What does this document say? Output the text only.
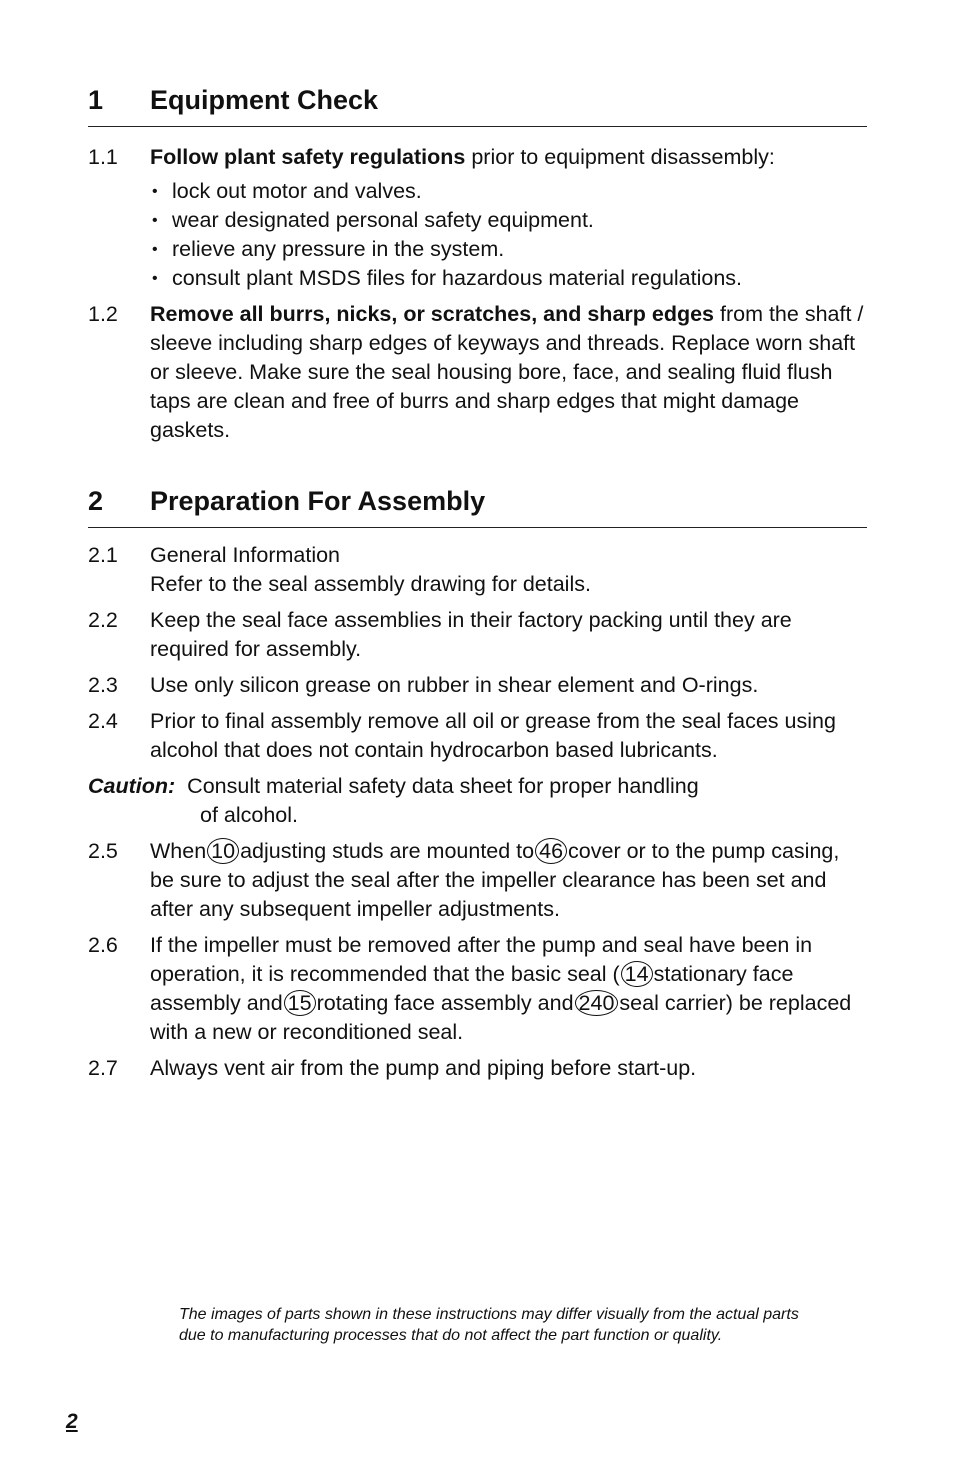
1 Equipment Check
1.1 Follow plant safety regulations prior to equipment disassembly:
• lock out motor and valves.
• wear designated personal safety equipment.
• relieve any pressure in the system.
• consult plant MSDS files for hazardous material regulations.
1.2 Remove all burrs, nicks, or scratches, and sharp edges from the shaft / sleeve including sharp edges of keyways and threads. Replace worn shaft or sleeve. Make sure the seal housing bore, face, and sealing fluid flush taps are clean and free of burrs and sharp edges that might damage gaskets.
2 Preparation For Assembly
2.1 General Information
Refer to the seal assembly drawing for details.
2.2 Keep the seal face assemblies in their factory packing until they are required for assembly.
2.3 Use only silicon grease on rubber in shear element and O-rings.
2.4 Prior to final assembly remove all oil or grease from the seal faces using alcohol that does not contain hydrocarbon based lubricants.
Caution: Consult material safety data sheet for proper handling
of alcohol.
2.5 When 10 adjusting studs are mounted to 46 cover or to the pump casing, be sure to adjust the seal after the impeller clearance has been set and after any subsequent impeller adjustments.
2.6 If the impeller must be removed after the pump and seal have been in operation, it is recommended that the basic seal ( 14 stationary face assembly and 15 rotating face assembly and 240 seal carrier) be replaced with a new or reconditioned seal.
2.7 Always vent air from the pump and piping before start-up.
The images of parts shown in these instructions may differ visually from the actual parts due to manufacturing processes that do not affect the part function or quality.
2
